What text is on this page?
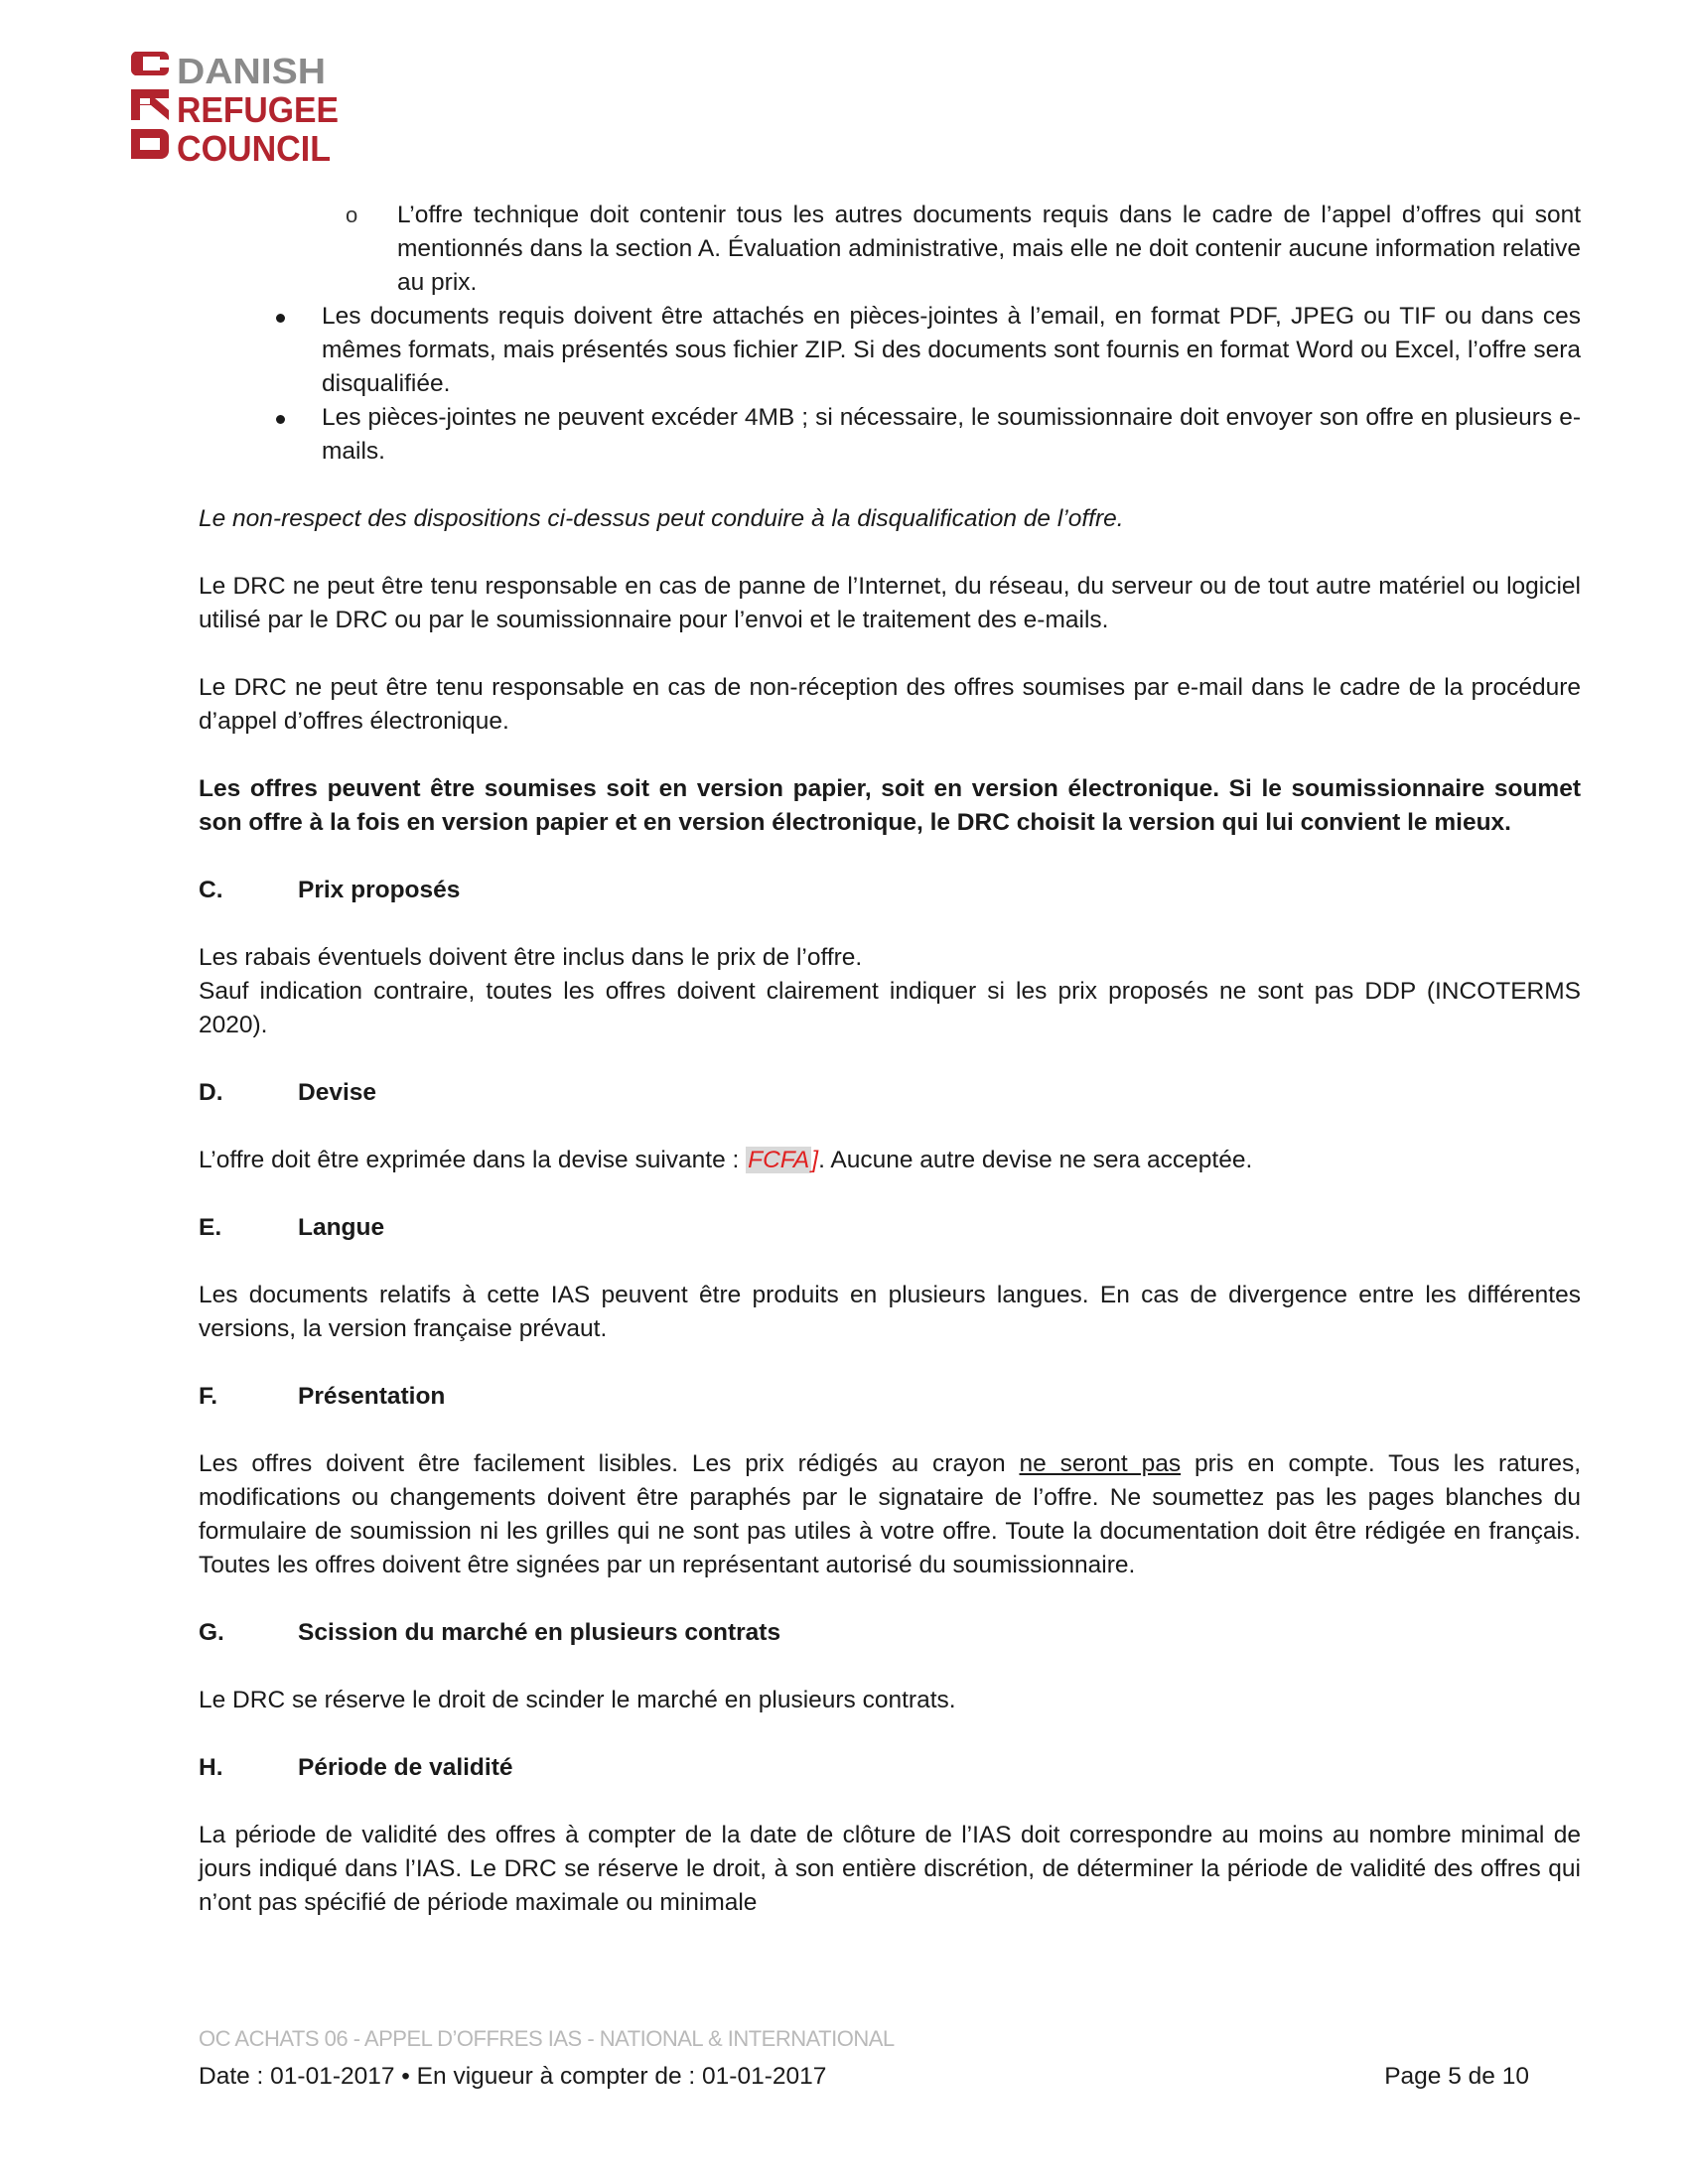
DANISH
REFUGEE
COUNCIL
o L’offre technique doit contenir tous les autres documents requis dans le cadre de l’appel d’offres qui sont mentionnés dans la section A. Évaluation administrative, mais elle ne doit contenir aucune information relative au prix.
Les documents requis doivent être attachés en pièces-jointes à l’email, en format PDF, JPEG ou TIF ou dans ces mêmes formats, mais présentés sous fichier ZIP. Si des documents sont fournis en format Word ou Excel, l’offre sera disqualifiée.
Les pièces-jointes ne peuvent excéder 4MB ; si nécessaire, le soumissionnaire doit envoyer son offre en plusieurs e-mails.

Le non-respect des dispositions ci-dessus peut conduire à la disqualification de l’offre.

Le DRC ne peut être tenu responsable en cas de panne de l’Internet, du réseau, du serveur ou de tout autre matériel ou logiciel utilisé par le DRC ou par le soumissionnaire pour l’envoi et le traitement des e-mails.

Le DRC ne peut être tenu responsable en cas de non-réception des offres soumises par e-mail dans le cadre de la procédure d’appel d’offres électronique.

Les offres peuvent être soumises soit en version papier, soit en version électronique. Si le soumissionnaire soumet son offre à la fois en version papier et en version électronique, le DRC choisit la version qui lui convient le mieux.

C.	Prix proposés

Les rabais éventuels doivent être inclus dans le prix de l’offre.

Sauf indication contraire, toutes les offres doivent clairement indiquer si les prix proposés ne sont pas DDP (INCOTERMS 2020).

D.	Devise

L’offre doit être exprimée dans la devise suivante : FCFA]. Aucune autre devise ne sera acceptée.

E.	Langue

Les documents relatifs à cette IAS peuvent être produits en plusieurs langues. En cas de divergence entre les différentes versions, la version française prévaut.

F.	Présentation

Les offres doivent être facilement lisibles. Les prix rédigés au crayon ne seront pas pris en compte. Tous les ratures, modifications ou changements doivent être paraphés par le signataire de l’offre. Ne soumettez pas les pages blanches du formulaire de soumission ni les grilles qui ne sont pas utiles à votre offre. Toute la documentation doit être rédigée en français. Toutes les offres doivent être signées par un représentant autorisé du soumissionnaire.

G.	Scission du marché en plusieurs contrats

Le DRC se réserve le droit de scinder le marché en plusieurs contrats.

H.	Période de validité

La période de validité des offres à compter de la date de clôture de l’IAS doit correspondre au moins au nombre minimal de jours indiqué dans l’IAS. Le DRC se réserve le droit, à son entière discrétion, de déterminer la période de validité des offres qui n’ont pas spécifié de période maximale ou minimale

OC ACHATS 06 - APPEL D’OFFRES IAS - NATIONAL & INTERNATIONAL
Date : 01-01-2017 • En vigueur à compter de : 01-01-2017	Page 5 de 10
